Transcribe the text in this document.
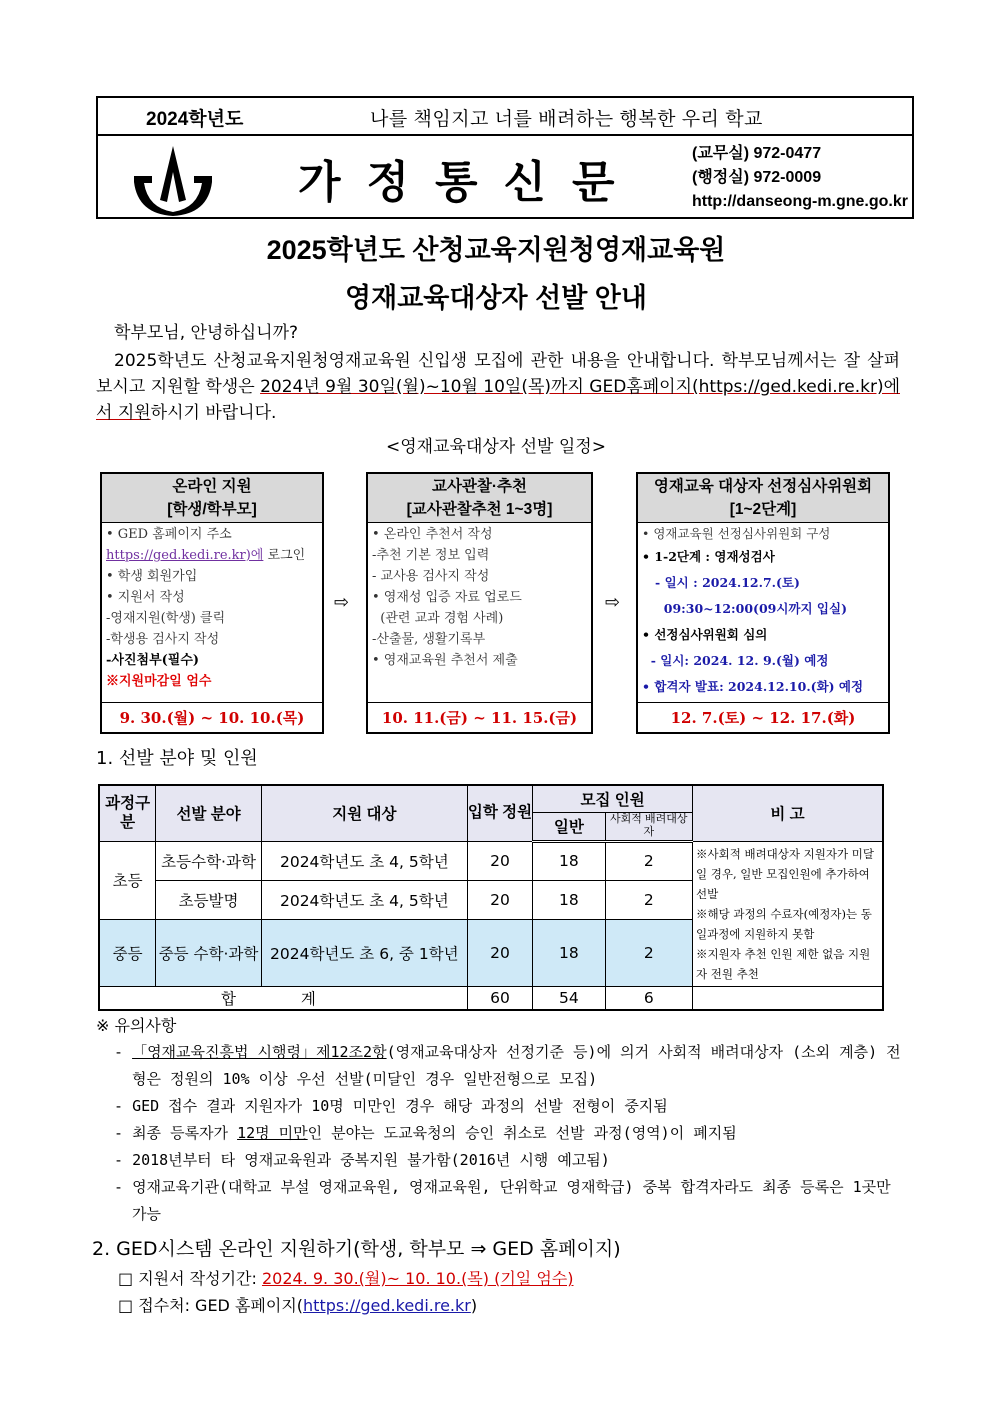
2024학년도	나를 책임지고 너를 배려하는 행복한 우리 학교
가정통신문
(교무실) 972-0477
(행정실) 972-0009
http://danseong-m.gne.go.kr
2025학년도 산청교육지원청영재교육원
영재교육대상자 선발 안내
학부모님, 안녕하십니까?
2025학년도 산청교육지원청영재교육원 신입생 모집에 관한 내용을 안내합니다. 학부모님께서는 잘 살펴보시고 지원할 학생은 2024년 9월 30일(월)~10월 10일(목)까지 GED홈페이지(https://ged.kedi.re.kr)에서 지원하시기 바랍니다.
<영재교육대상자 선발 일정>
온라인 지원
[학생/학부모]
• GED 홈페이지 주소
https://ged.kedi.re.kr)에 로그인
• 학생 회원가입
• 지원서 작성
-영재지원(학생) 클릭
-학생용 검사지 작성
-사진첨부(필수)
※지원마감일 엄수
9. 30.(월) ~ 10. 10.(목)
⇨
교사관찰·추천
[교사관찰추천 1~3명]
• 온라인 추천서 작성
-추천 기본 정보 입력
- 교사용 검사지 작성
• 영재성 입증 자료 업로드
(관련 교과 경험 사례)
-산출물, 생활기록부
• 영재교육원 추천서 제출
10. 11.(금) ~ 11. 15.(금)
⇨
영재교육 대상자 선정심사위원회
[1~2단계]
• 영재교육원 선정심사위원회 구성
• 1-2단계 : 영재성검사
- 일시 : 2024.12.7.(토)
09:30~12:00(09시까지 입실)
• 선정심사위원회 심의
- 일시: 2024. 12. 9.(월) 예정
• 합격자 발표: 2024.12.10.(화) 예정
12. 7.(토) ~ 12. 17.(화)
1. 선발 분야 및 인원
과정구분	선발 분야	지원 대상	입학 정원	모집 인원		비 고
				일반	사회적 배려대상자	
초등	초등수학·과학	2024학년도 초 4, 5학년	20	18	2	※사회적 배려대상자 지원자가 미달일 경우, 일반 모집인원에 추가하여 선발
※해당 과정의 수료자(예정자)는 동일과정에 지원하지 못함
※지원자 추천 인원 제한 없음 지원자 전원 추천

	초등발명	2024학년도 초 4, 5학년	20	18	2	
중등	중등 수학·과학	2024학년도 초 6, 중 1학년	20	18	2	
합 계			60	54	6	
※ 유의사항
- 「영재교육진흥법 시행령」제12조2항(영재교육대상자 선정기준 등)에 의거 사회적 배려대상자 (소외 계층) 전형은 정원의 10% 이상 우선 선발(미달인 경우 일반전형으로 모집)
- GED 접수 결과 지원자가 10명 미만인 경우 해당 과정의 선발 전형이 중지됨
- 최종 등록자가 12명 미만인 분야는 도교육청의 승인 취소로 선발 과정(영역)이 폐지됨
- 2018년부터 타 영재교육원과 중복지원 불가함(2016년 시행 예고됨)
- 영재교육기관(대학교 부설 영재교육원, 영재교육원, 단위학교 영재학급) 중복 합격자라도 최종 등록은 1곳만 가능
2. GED시스템 온라인 지원하기(학생, 학부모 ⇒ GED 홈페이지)
□ 지원서 작성기간: 2024. 9. 30.(월)~ 10. 10.(목) (기일 엄수)
□ 접수처: GED 홈페이지(https://ged.kedi.re.kr)
